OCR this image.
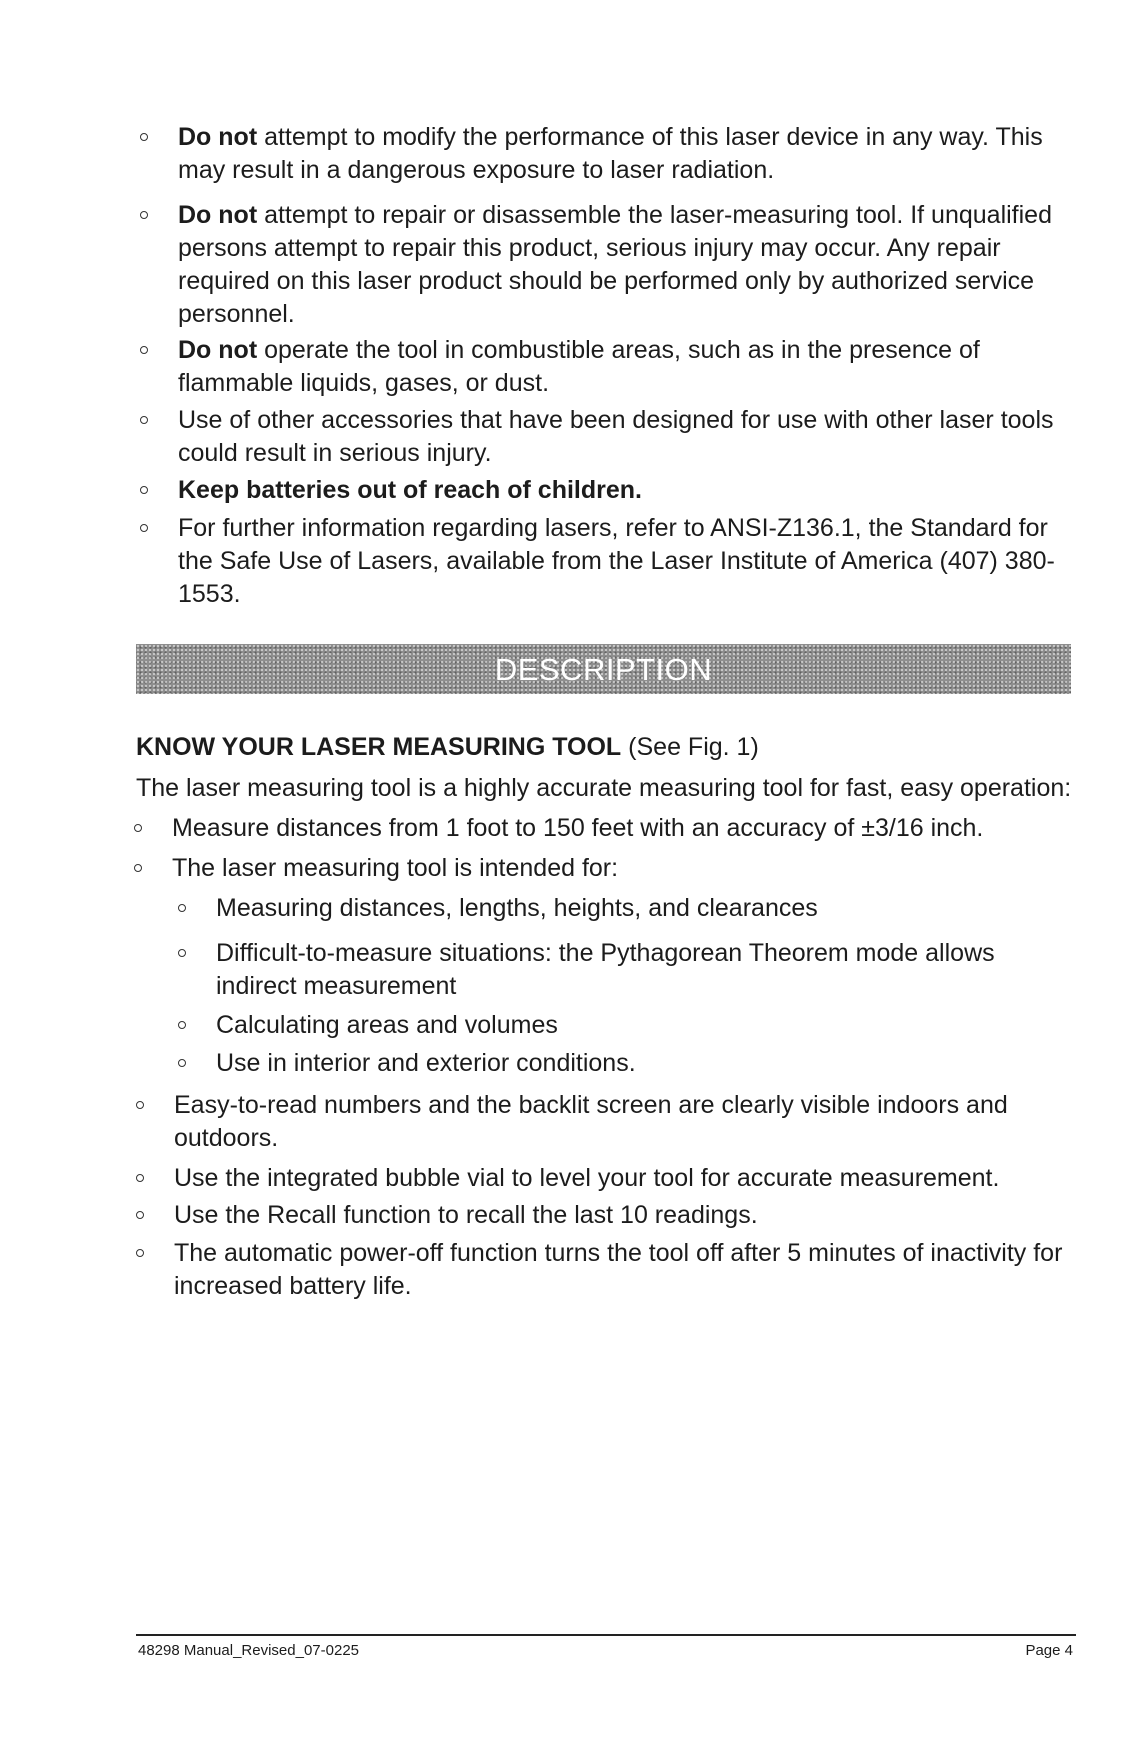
Do not attempt to modify the performance of this laser device in any way. This may result in a dangerous exposure to laser radiation.
Do not attempt to repair or disassemble the laser-measuring tool. If unqualified persons attempt to repair this product, serious injury may occur. Any repair required on this laser product should be performed only by authorized service personnel.
Do not operate the tool in combustible areas, such as in the presence of flammable liquids, gases, or dust.
Use of other accessories that have been designed for use with other laser tools could result in serious injury.
Keep batteries out of reach of children.
For further information regarding lasers, refer to ANSI-Z136.1, the Standard for the Safe Use of Lasers, available from the Laser Institute of America (407) 380-1553.
DESCRIPTION
KNOW YOUR LASER MEASURING TOOL (See Fig. 1)

The laser measuring tool is a highly accurate measuring tool for fast, easy operation:

Measure distances from 1 foot to 150 feet with an accuracy of ±3/16 inch.
The laser measuring tool is intended for:
Measuring distances, lengths, heights, and clearances
Difficult-to-measure situations: the Pythagorean Theorem mode allows indirect measurement
Calculating areas and volumes
Use in interior and exterior conditions.
Easy-to-read numbers and the backlit screen are clearly visible indoors and outdoors.
Use the integrated bubble vial to level your tool for accurate measurement.
Use the Recall function to recall the last 10 readings.
The automatic power-off function turns the tool off after 5 minutes of inactivity for increased battery life.
48298 Manual_Revised_07-0225	Page 4
